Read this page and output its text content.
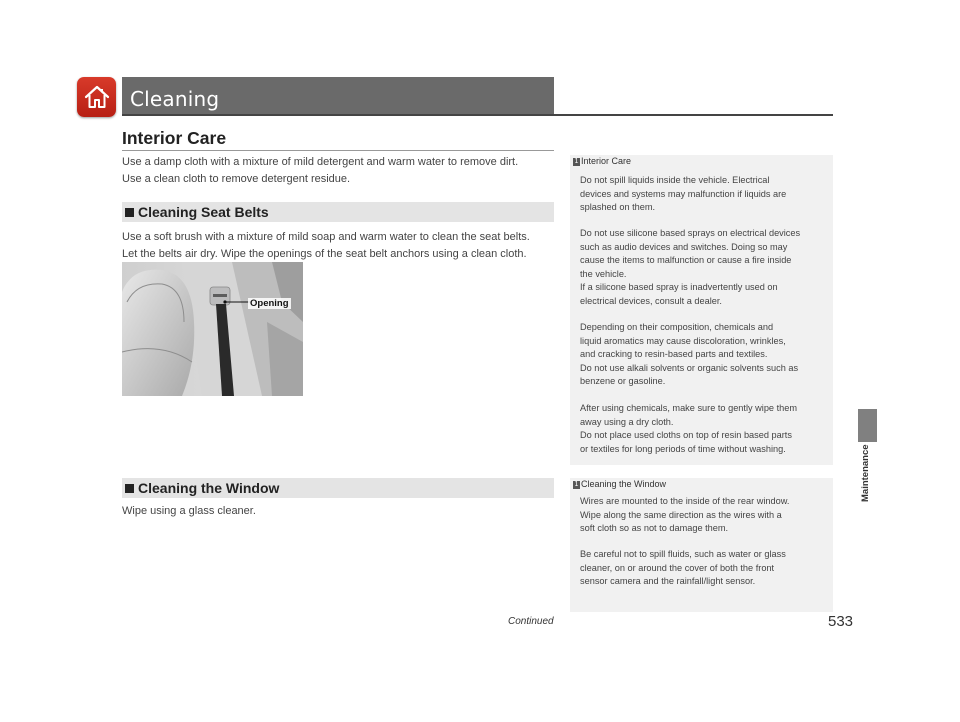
Cleaning
Interior Care
Use a damp cloth with a mixture of mild detergent and warm water to remove dirt.
Use a clean cloth to remove detergent residue.
Cleaning Seat Belts
Use a soft brush with a mixture of mild soap and warm water to clean the seat belts.
Let the belts air dry. Wipe the openings of the seat belt anchors using a clean cloth.
Opening
Cleaning the Window
Wipe using a glass cleaner.
1 Interior Care
Do not spill liquids inside the vehicle. Electrical
devices and systems may malfunction if liquids are
splashed on them.
Do not use silicone based sprays on electrical devices
such as audio devices and switches. Doing so may
cause the items to malfunction or cause a fire inside
the vehicle.
If a silicone based spray is inadvertently used on
electrical devices, consult a dealer.
Depending on their composition, chemicals and
liquid aromatics may cause discoloration, wrinkles,
and cracking to resin-based parts and textiles.
Do not use alkali solvents or organic solvents such as
benzene or gasoline.
After using chemicals, make sure to gently wipe them
away using a dry cloth.
Do not place used cloths on top of resin based parts
or textiles for long periods of time without washing.
1 Cleaning the Window
Wires are mounted to the inside of the rear window.
Wipe along the same direction as the wires with a
soft cloth so as not to damage them.
Be careful not to spill fluids, such as water or glass
cleaner, on or around the cover of both the front
sensor camera and the rainfall/light sensor.
Continued	533
Maintenance
